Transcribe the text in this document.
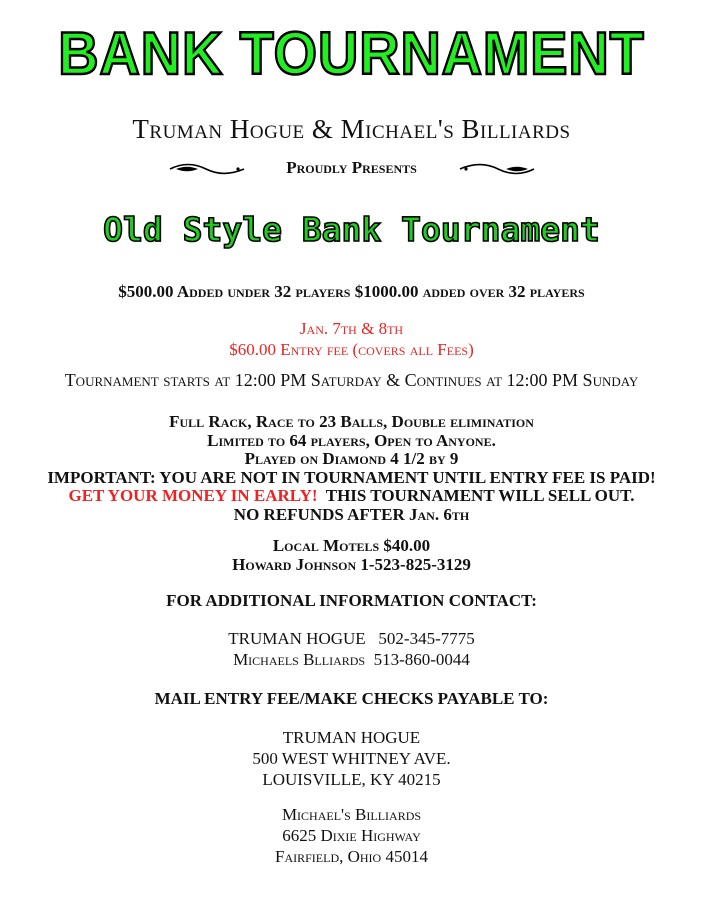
BANK TOURNAMENT
Truman Hogue & Michael's Billiards
Proudly Presents
Old Style Bank Tournament
$500.00 Added under 32 players $1000.00 added over 32 players
Jan. 7th & 8th
$60.00 Entry fee (covers all Fees)
Tournament starts at 12:00 PM Saturday & Continues at 12:00 PM Sunday
Full Rack, Race to 23 Balls, Double elimination
Limited to 64 players, Open to Anyone.
Played on Diamond 4 1/2 by 9
IMPORTANT: YOU ARE NOT IN TOURNAMENT UNTIL ENTRY FEE IS PAID!
GET YOUR MONEY IN EARLY!  THIS TOURNAMENT WILL SELL OUT.
NO REFUNDS AFTER Jan. 6th
Local Motels $40.00
Howard Johnson 1-523-825-3129
FOR ADDITIONAL INFORMATION CONTACT:
TRUMAN HOGUE   502-345-7775
Michaels Blliards  513-860-0044
MAIL ENTRY FEE/MAKE CHECKS PAYABLE TO:
TRUMAN HOGUE
500 WEST WHITNEY AVE.
LOUISVILLE, KY 40215
Michael's Billiards
6625 Dixie Highway
Fairfield, Ohio 45014
